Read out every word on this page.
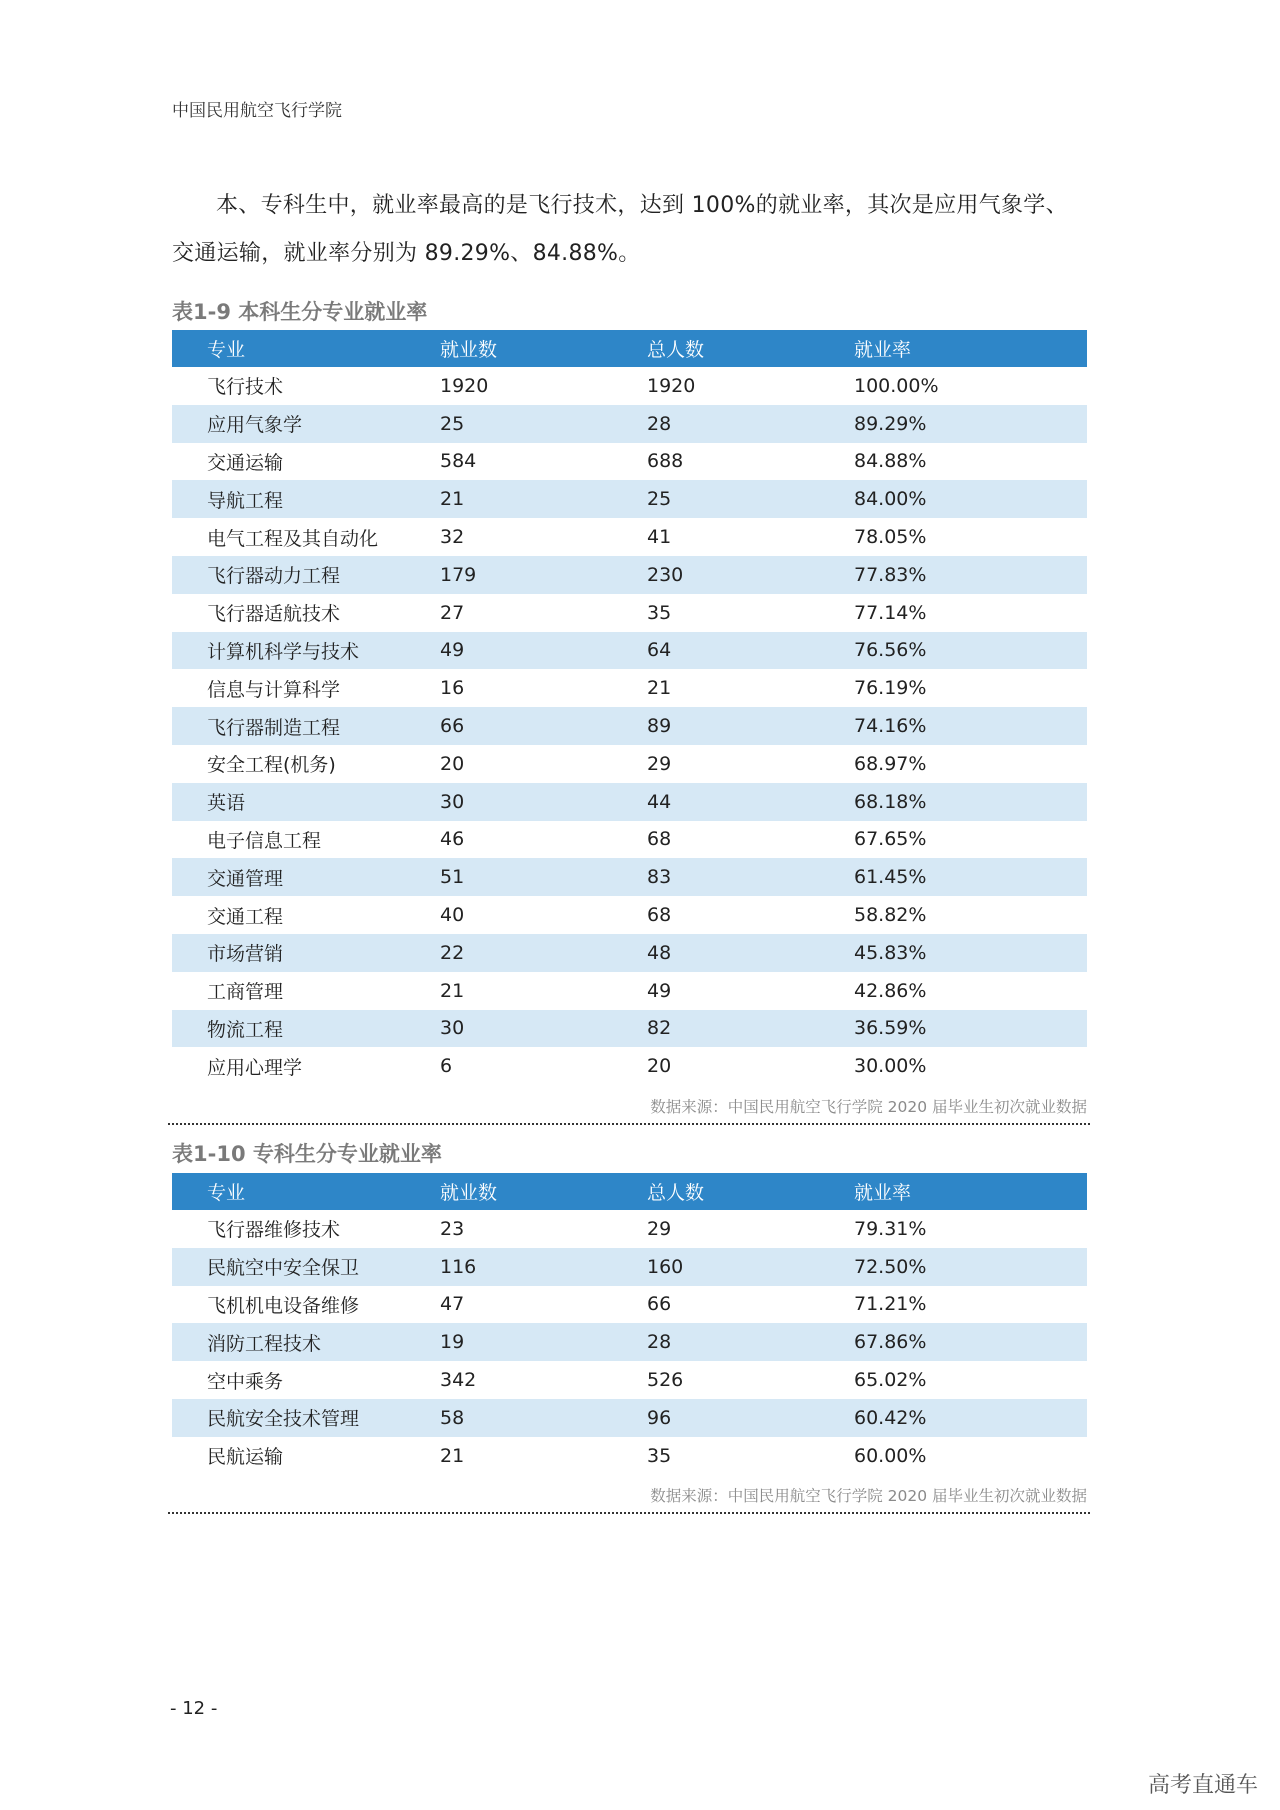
中国民用航空飞行学院
本、专科生中，就业率最高的是飞行技术，达到 100%的就业率，其次是应用气象学、交通运输，就业率分别为 89.29%、84.88%。
表1-9 本科生分专业就业率
专业	就业数	总人数	就业率
飞行技术	1920	1920	100.00%
应用气象学	25	28	89.29%
交通运输	584	688	84.88%
导航工程	21	25	84.00%
电气工程及其自动化	32	41	78.05%
飞行器动力工程	179	230	77.83%
飞行器适航技术	27	35	77.14%
计算机科学与技术	49	64	76.56%
信息与计算科学	16	21	76.19%
飞行器制造工程	66	89	74.16%
安全工程(机务)	20	29	68.97%
英语	30	44	68.18%
电子信息工程	46	68	67.65%
交通管理	51	83	61.45%
交通工程	40	68	58.82%
市场营销	22	48	45.83%
工商管理	21	49	42.86%
物流工程	30	82	36.59%
应用心理学	6	20	30.00%
数据来源：中国民用航空飞行学院 2020 届毕业生初次就业数据
表1-10 专科生分专业就业率
专业	就业数	总人数	就业率
飞行器维修技术	23	29	79.31%
民航空中安全保卫	116	160	72.50%
飞机机电设备维修	47	66	71.21%
消防工程技术	19	28	67.86%
空中乘务	342	526	65.02%
民航安全技术管理	58	96	60.42%
民航运输	21	35	60.00%
数据来源：中国民用航空飞行学院 2020 届毕业生初次就业数据
- 12 -
高考直通车
